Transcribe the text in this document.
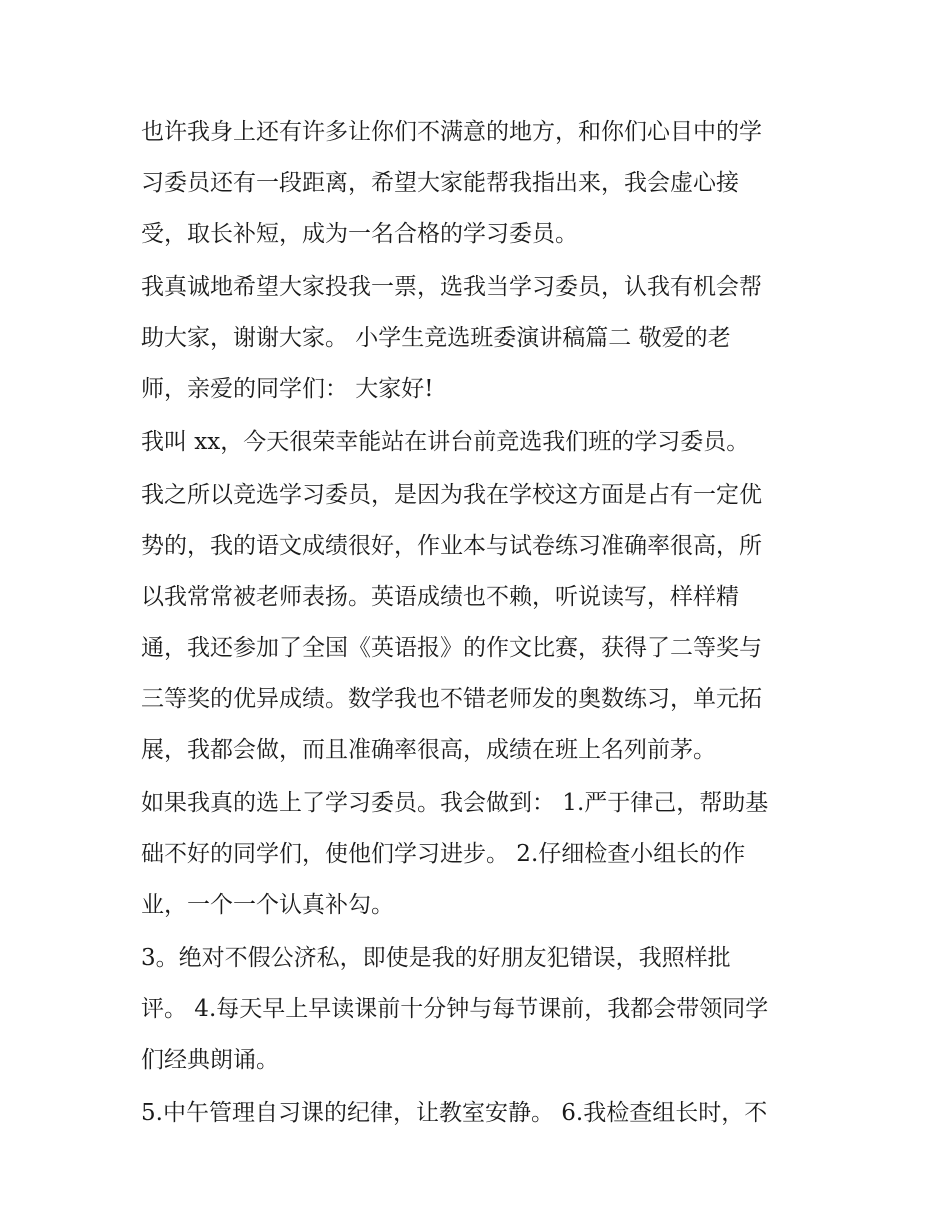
也许我身上还有许多让你们不满意的地方，和你们心目中的学
习委员还有一段距离，希望大家能帮我指出来，我会虚心接
受，取长补短，成为一名合格的学习委员。
我真诚地希望大家投我一票，选我当学习委员，认我有机会帮
助大家，谢谢大家。 小学生竞选班委演讲稿篇二 敬爱的老
师，亲爱的同学们： 大家好!
我叫 xx，今天很荣幸能站在讲台前竞选我们班的学习委员。
我之所以竞选学习委员，是因为我在学校这方面是占有一定优
势的，我的语文成绩很好，作业本与试卷练习准确率很高，所
以我常常被老师表扬。英语成绩也不赖，听说读写，样样精
通，我还参加了全国《英语报》的作文比赛，获得了二等奖与
三等奖的优异成绩。数学我也不错老师发的奥数练习，单元拓
展，我都会做，而且准确率很高，成绩在班上名列前茅。
如果我真的选上了学习委员。我会做到： 1.严于律己，帮助基
础不好的同学们，使他们学习进步。 2.仔细检查小组长的作
业，一个一个认真补勾。
3。绝对不假公济私，即使是我的好朋友犯错误，我照样批
评。 4.每天早上早读课前十分钟与每节课前，我都会带领同学
们经典朗诵。
5.中午管理自习课的纪律，让教室安静。 6.我检查组长时，不
